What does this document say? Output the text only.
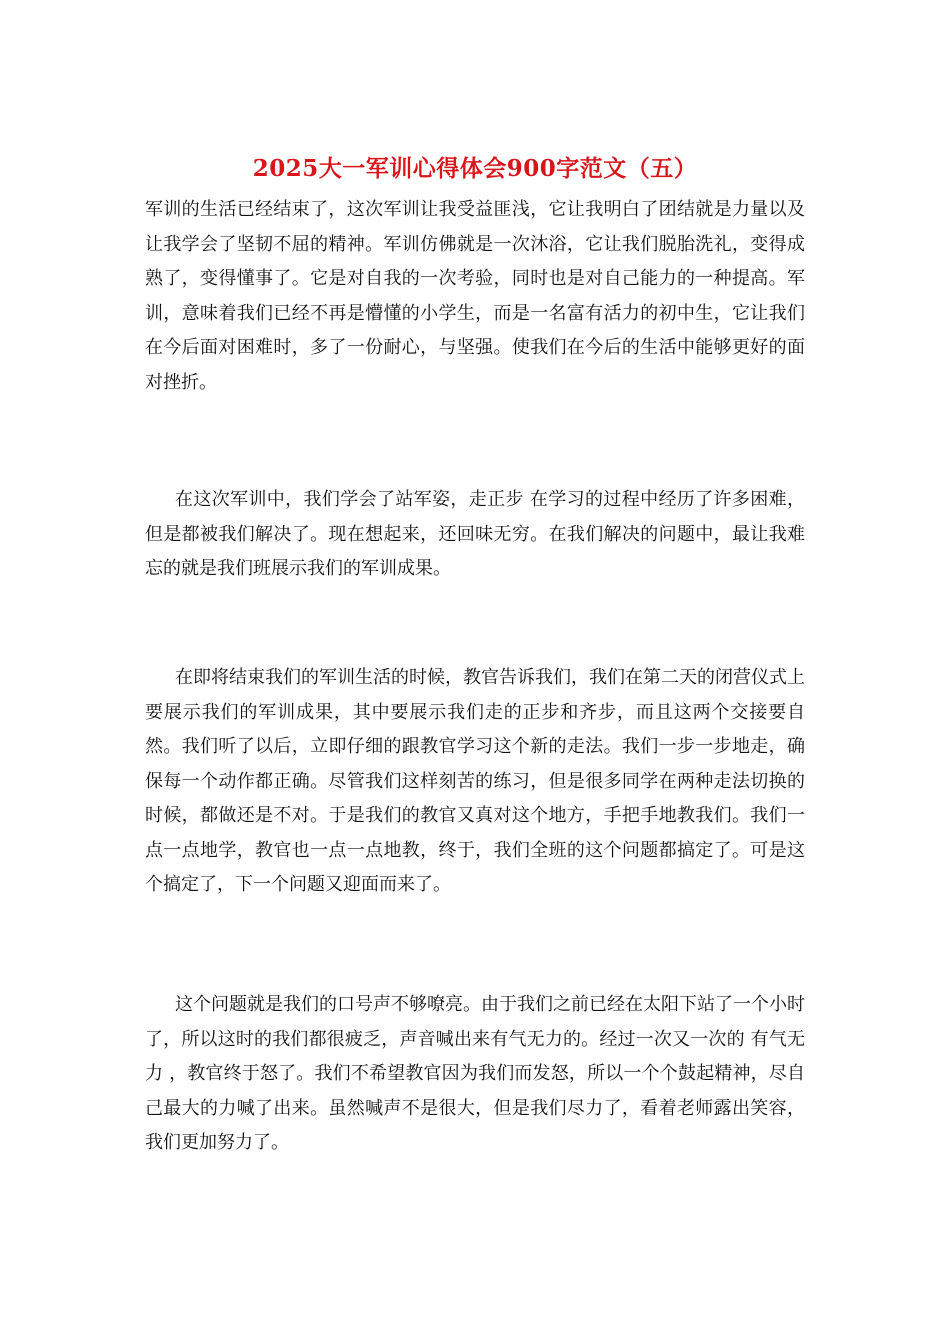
2025大一军训心得体会900字范文（五）

军训的生活已经结束了，这次军训让我受益匪浅，它让我明白了团结就是力量以及让我学会了坚韧不屈的精神。军训仿佛就是一次沐浴，它让我们脱胎洗礼，变得成熟了，变得懂事了。它是对自我的一次考验，同时也是对自己能力的一种提高。军训，意味着我们已经不再是懵懂的小学生，而是一名富有活力的初中生，它让我们在今后面对困难时，多了一份耐心，与坚强。使我们在今后的生活中能够更好的面对挫折。

在这次军训中，我们学会了站军姿，走正步 在学习的过程中经历了许多困难，但是都被我们解决了。现在想起来，还回味无穷。在我们解决的问题中，最让我难忘的就是我们班展示我们的军训成果。

在即将结束我们的军训生活的时候，教官告诉我们，我们在第二天的闭营仪式上要展示我们的军训成果，其中要展示我们走的正步和齐步，而且这两个交接要自然。我们听了以后，立即仔细的跟教官学习这个新的走法。我们一步一步地走，确保每一个动作都正确。尽管我们这样刻苦的练习，但是很多同学在两种走法切换的时候，都做还是不对。于是我们的教官又真对这个地方，手把手地教我们。我们一点一点地学，教官也一点一点地教，终于，我们全班的这个问题都搞定了。可是这个搞定了，下一个问题又迎面而来了。

这个问题就是我们的口号声不够嘹亮。由于我们之前已经在太阳下站了一个小时了，所以这时的我们都很疲乏，声音喊出来有气无力的。经过一次又一次的 有气无力 ，教官终于怒了。我们不希望教官因为我们而发怒，所以一个个鼓起精神，尽自己最大的力喊了出来。虽然喊声不是很大，但是我们尽力了，看着老师露出笑容，我们更加努力了。
